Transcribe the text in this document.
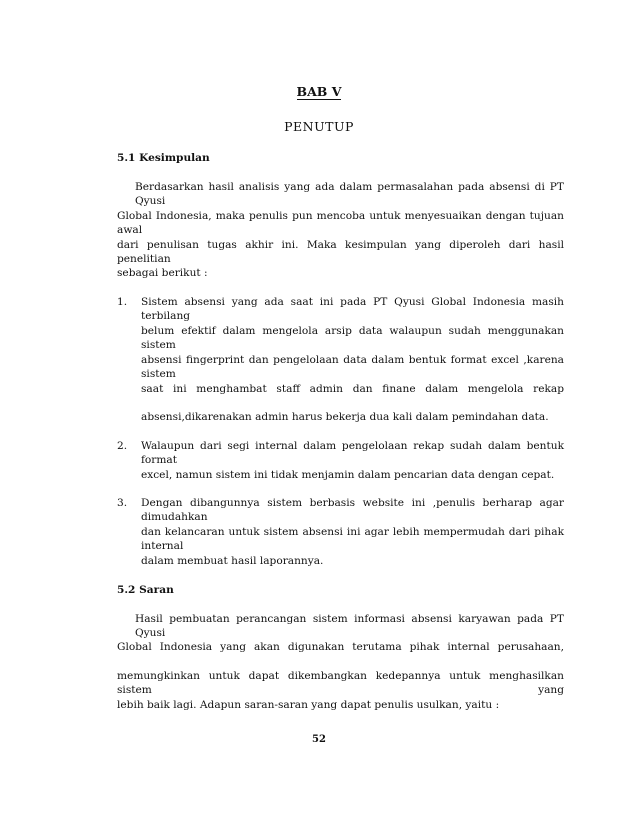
BAB V
PENUTUP
5.1 Kesimpulan
Berdasarkan hasil analisis yang ada dalam permasalahan pada absensi di PT Qyusi
Global Indonesia, maka penulis pun mencoba untuk menyesuaikan dengan tujuan awal
dari penulisan tugas akhir ini. Maka kesimpulan yang diperoleh dari hasil penelitian
sebagai berikut :
1. Sistem absensi yang ada saat ini pada PT Qyusi Global Indonesia masih terbilang
belum efektif dalam mengelola arsip data walaupun sudah menggunakan sistem
absensi fingerprint dan pengelolaan data dalam bentuk format excel ,karena sistem
saat ini menghambat staff admin dan finane dalam mengelola rekap
absensi,dikarenakan admin harus bekerja dua kali dalam pemindahan data.
2. Walaupun dari segi internal dalam pengelolaan rekap sudah dalam bentuk format
excel, namun sistem ini tidak menjamin dalam pencarian data dengan cepat.
3. Dengan dibangunnya sistem berbasis website ini ,penulis berharap agar dimudahkan
dan kelancaran untuk sistem absensi ini agar lebih mempermudah dari pihak internal
dalam membuat hasil laporannya.
5.2 Saran
Hasil pembuatan perancangan sistem informasi absensi karyawan pada PT Qyusi
Global Indonesia yang akan digunakan terutama pihak internal perusahaan,
memungkinkan untuk dapat dikembangkan kedepannya untuk menghasilkan sistem yang
lebih baik lagi. Adapun saran-saran yang dapat penulis usulkan, yaitu :
52
